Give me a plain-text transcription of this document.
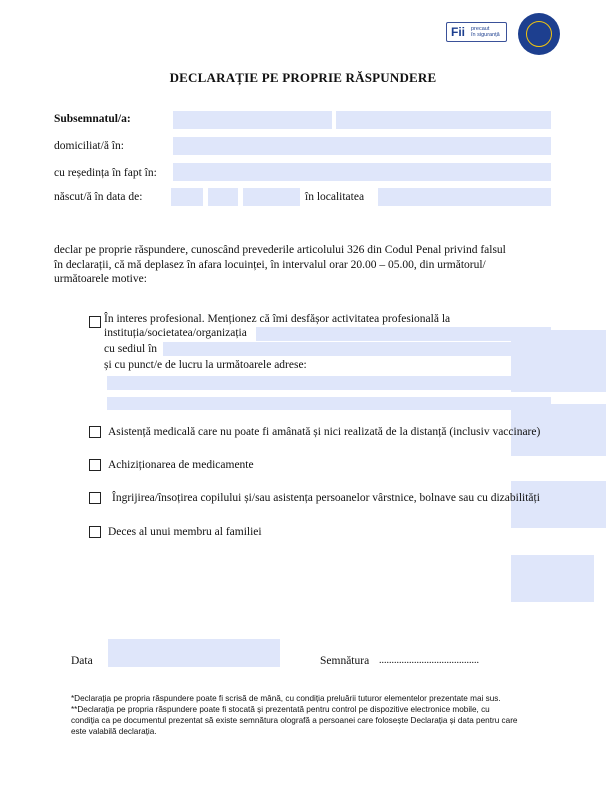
Fii precaut
în siguranță
DECLARAȚIE PE PROPRIE RĂSPUNDERE
Subsemnatul/a:
domiciliat/ă în:
cu reședința în fapt în:
născut/ă în data de:	în localitatea
declar pe proprie răspundere, cunoscând prevederile articolului 326 din Codul Penal privind falsul
în declarații, că mă deplasez în afara locuinței, în intervalul orar 20.00 – 05.00, din următorul/
următoarele motive:
În interes profesional. Menționez că îmi desfășor activitatea profesională la
instituția/societatea/organizația
cu sediul în
și cu punct/e de lucru la următoarele adrese:
Asistență medicală care nu poate fi amânată și nici realizată de la distanță (inclusiv vaccinare)
Achiziționarea de medicamente
Îngrijirea/însoțirea copilului și/sau asistența persoanelor vârstnice, bolnave sau cu dizabilități
Deces al unui membru al familiei
Data	Semnătura ........................................
*Declarația pe propria răspundere poate fi scrisă de mână, cu condiția preluării tuturor elementelor prezentate mai sus.
**Declarația pe propria răspundere poate fi stocată și prezentată pentru control pe dispozitive electronice mobile, cu
condiția ca pe documentul prezentat să existe semnătura olografă a persoanei care folosește Declarația și data pentru care
este valabilă declarația.
